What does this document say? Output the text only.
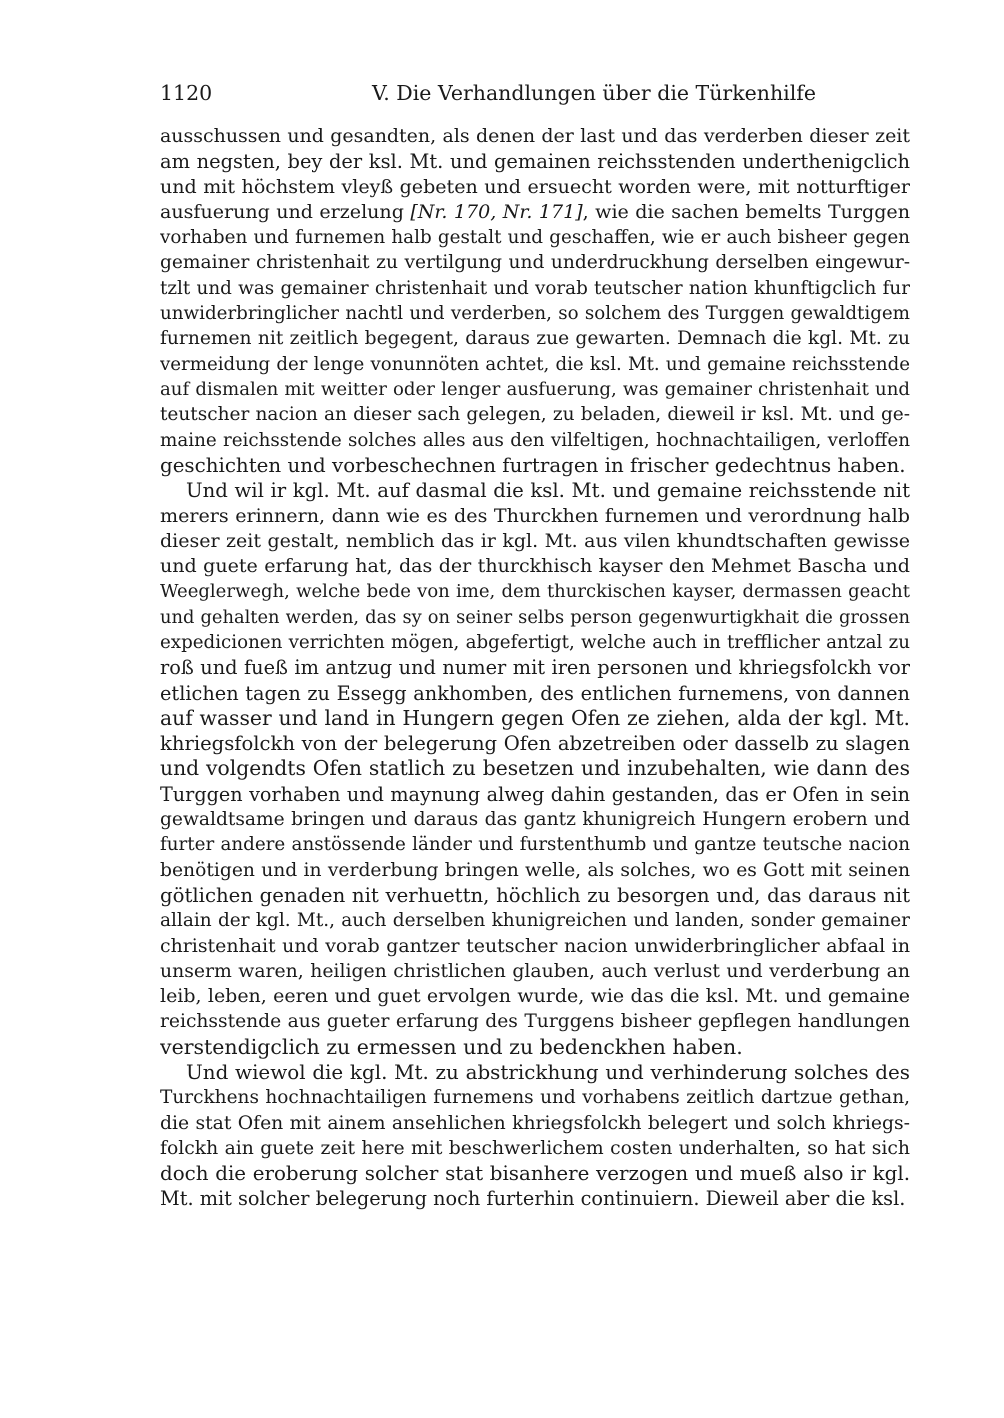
1120	V. Die Verhandlungen über die Türkenhilfe
ausschussen und gesandten, als denen der last und das verderben dieser zeit
am negsten, bey der ksl. Mt. und gemainen reichsstenden underthenigclich
und mit höchstem vleyß gebeten und ersuecht worden were, mit notturftiger
ausfuerung und erzelung [Nr. 170, Nr. 171], wie die sachen bemelts Turggen
vorhaben und furnemen halb gestalt und geschaffen, wie er auch bisheer gegen
gemainer christenhait zu vertilgung und underdruckhung derselben eingewur-
tzlt und was gemainer christenhait und vorab teutscher nation khunftigclich fur
unwiderbringlicher nachtl und verderben, so solchem des Turggen gewaldtigem
furnemen nit zeitlich begegent, daraus zue gewarten. Demnach die kgl. Mt. zu
vermeidung der lenge vonunnöten achtet, die ksl. Mt. und gemaine reichsstende
auf dismalen mit weitter oder lenger ausfuerung, was gemainer christenhait und
teutscher nacion an dieser sach gelegen, zu beladen, dieweil ir ksl. Mt. und ge-
maine reichsstende solches alles aus den vilfeltigen, hochnachtailigen, verloffen
geschichten und vorbeschechnen furtragen in frischer gedechtnus haben.
Und wil ir kgl. Mt. auf dasmal die ksl. Mt. und gemaine reichsstende nit
merers erinnern, dann wie es des Thurckhen furnemen und verordnung halb
dieser zeit gestalt, nemblich das ir kgl. Mt. aus vilen khundtschaften gewisse
und guete erfarung hat, das der thurckhisch kayser den Mehmet Bascha und
Weeglerwegh, welche bede von ime, dem thurckischen kayser, dermassen geacht
und gehalten werden, das sy on seiner selbs person gegenwurtigkhait die grossen
expedicionen verrichten mögen, abgefertigt, welche auch in trefflicher antzal zu
roß und fueß im antzug und numer mit iren personen und khriegsfolckh vor
etlichen tagen zu Essegg ankhomben, des entlichen furnemens, von dannen
auf wasser und land in Hungern gegen Ofen ze ziehen, alda der kgl. Mt.
khriegsfolckh von der belegerung Ofen abzetreiben oder dasselb zu slagen
und volgendts Ofen statlich zu besetzen und inzubehalten, wie dann des
Turggen vorhaben und maynung alweg dahin gestanden, das er Ofen in sein
gewaldtsame bringen und daraus das gantz khunigreich Hungern erobern und
furter andere anstössende länder und furstenthumb und gantze teutsche nacion
benötigen und in verderbung bringen welle, als solches, wo es Gott mit seinen
götlichen genaden nit verhuettn, höchlich zu besorgen und, das daraus nit
allain der kgl. Mt., auch derselben khunigreichen und landen, sonder gemainer
christenhait und vorab gantzer teutscher nacion unwiderbringlicher abfaal in
unserm waren, heiligen christlichen glauben, auch verlust und verderbung an
leib, leben, eeren und guet ervolgen wurde, wie das die ksl. Mt. und gemaine
reichsstende aus gueter erfarung des Turggens bisheer gepflegen handlungen
verstendigclich zu ermessen und zu bedenckhen haben.
Und wiewol die kgl. Mt. zu abstrickhung und verhinderung solches des
Turckhens hochnachtailigen furnemens und vorhabens zeitlich dartzue gethan,
die stat Ofen mit ainem ansehlichen khriegsfolckh belegert und solch khriegs-
folckh ain guete zeit here mit beschwerlichem costen underhalten, so hat sich
doch die eroberung solcher stat bisanhere verzogen und mueß also ir kgl.
Mt. mit solcher belegerung noch furterhin continuiern. Dieweil aber die ksl.
